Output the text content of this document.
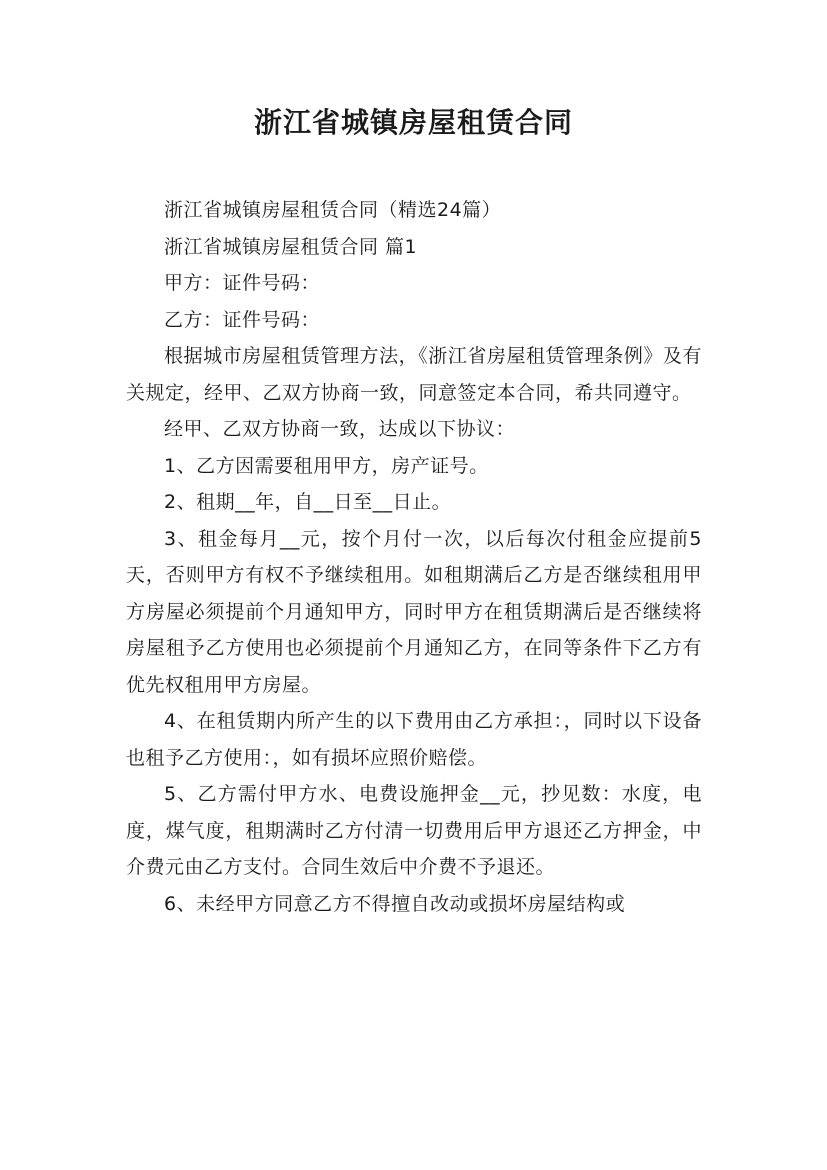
浙江省城镇房屋租赁合同

浙江省城镇房屋租赁合同（精选24篇）

浙江省城镇房屋租赁合同 篇1

甲方：证件号码：

乙方：证件号码：

根据城市房屋租赁管理方法，《浙江省房屋租赁管理条例》及有关规定，经甲、乙双方协商一致，同意签定本合同，希共同遵守。

经甲、乙双方协商一致，达成以下协议：

1、乙方因需要租用甲方，房产证号。

2、租期__年，自__日至__日止。

3、租金每月__元，按个月付一次，以后每次付租金应提前5天，否则甲方有权不予继续租用。如租期满后乙方是否继续租用甲方房屋必须提前个月通知甲方，同时甲方在租赁期满后是否继续将房屋租予乙方使用也必须提前个月通知乙方，在同等条件下乙方有优先权租用甲方房屋。

4、在租赁期内所产生的以下费用由乙方承担：，同时以下设备也租予乙方使用：，如有损坏应照价赔偿。

5、乙方需付甲方水、电费设施押金__元，抄见数：水度，电度，煤气度，租期满时乙方付清一切费用后甲方退还乙方押金，中介费元由乙方支付。合同生效后中介费不予退还。

6、未经甲方同意乙方不得擅自改动或损坏房屋结构或
